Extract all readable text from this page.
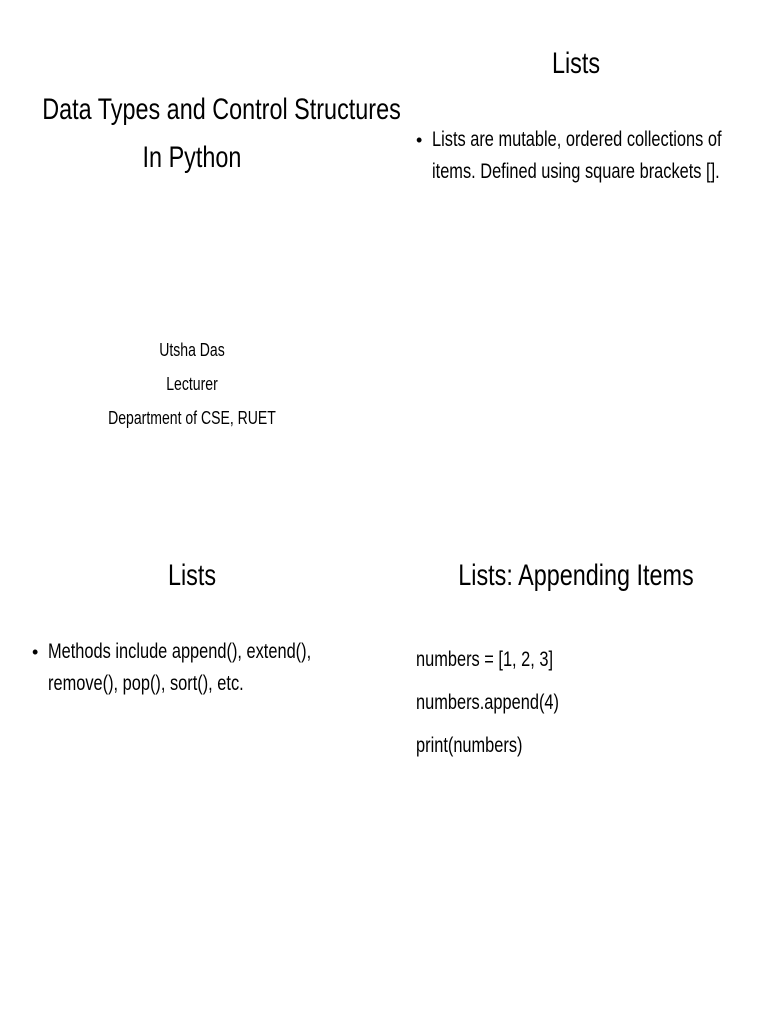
Data Types and Control Structures
In Python
Utsha Das
Lecturer
Department of CSE, RUET
Lists
• Lists are mutable, ordered collections of
items. Defined using square brackets [].
Lists
• Methods include append(), extend(),
remove(), pop(), sort(), etc.
Lists: Appending Items
numbers = [1, 2, 3]
numbers.append(4)
print(numbers)
